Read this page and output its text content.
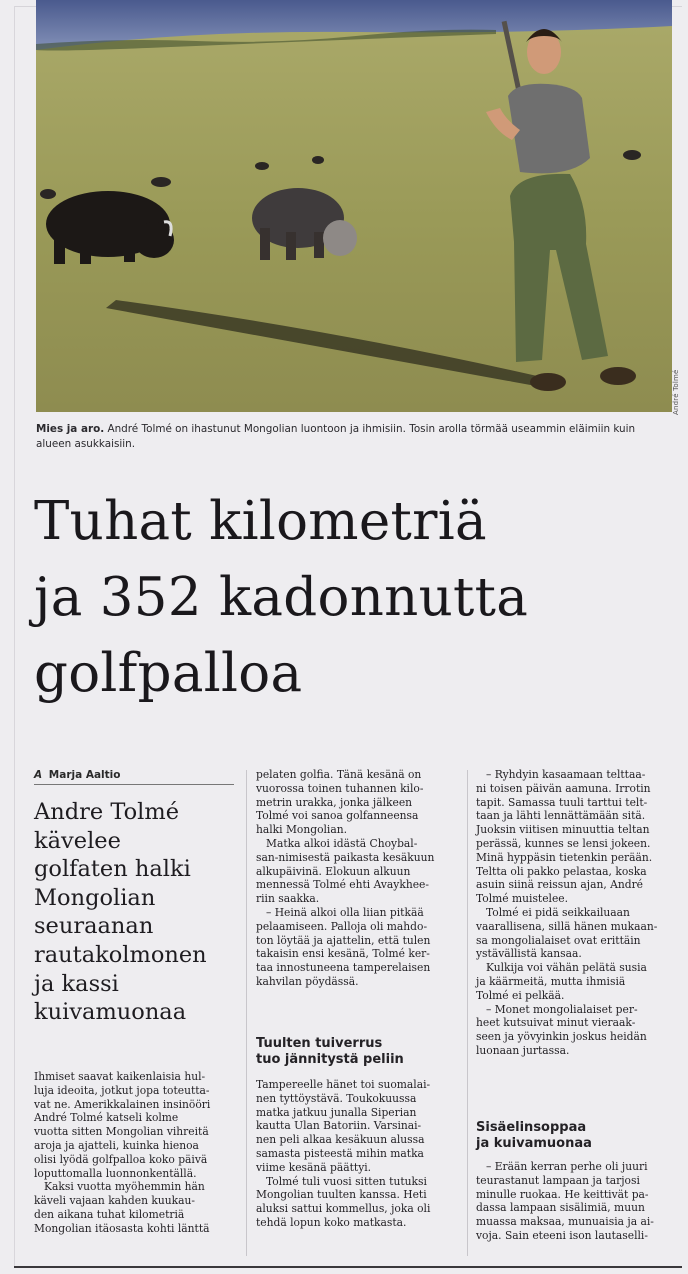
André Tolmé
Mies ja aro. André Tolmé on ihastunut Mongolian luontoon ja ihmisiin. Tosin arolla törmää useammin eläimiin kuin alueen asukkaisiin.
Tuhat kilometriä
ja 352 kadonnutta
golfpalloa
A Marja Aaltio
Andre Tolmé
kävelee
golfaten halki
Mongolian
seuraanan
rautakolmonen
ja kassi
kuivamuonaa
Ihmiset saavat kaikenlaisia hul-
luja ideoita, jotkut jopa toteutta-
vat ne. Amerikkalainen insinööri
André Tolmé katseli kolme
vuotta sitten Mongolian vihreitä
aroja ja ajatteli, kuinka hienoa
olisi lyödä golfpalloa koko päivä
loputtomalla luonnonkentällä.
Kaksi vuotta myöhemmin hän
käveli vajaan kahden kuukau-
den aikana tuhat kilometriä
Mongolian itäosasta kohti länttä
pelaten golfia. Tänä kesänä on
vuorossa toinen tuhannen kilo-
metrin urakka, jonka jälkeen
Tolmé voi sanoa golfanneensa
halki Mongolian.
Matka alkoi idästä Choybal-
san-nimisestä paikasta kesäkuun
alkupäivinä. Elokuun alkuun
mennessä Tolmé ehti Avaykhee-
riin saakka.
– Heinä alkoi olla liian pitkää
pelaamiseen. Palloja oli mahdo-
ton löytää ja ajattelin, että tulen
takaisin ensi kesänä, Tolmé ker-
taa innostuneena tamperelaisen
kahvilan pöydässä.
Tuulten tuiverrus
tuo jännitystä peliin
Tampereelle hänet toi suomalai-
nen tyttöystävä. Toukokuussa
matka jatkuu junalla Siperian
kautta Ulan Batoriin. Varsinai-
nen peli alkaa kesäkuun alussa
samasta pisteestä mihin matka
viime kesänä päättyi.
Tolmé tuli vuosi sitten tutuksi
Mongolian tuulten kanssa. Heti
aluksi sattui kommellus, joka oli
tehdä lopun koko matkasta.
– Ryhdyin kasaamaan telttaa-
ni toisen päivän aamuna. Irrotin
tapit. Samassa tuuli tarttui telt-
taan ja lähti lennättämään sitä.
Juoksin viitisen minuuttia teltan
perässä, kunnes se lensi jokeen.
Minä hyppäsin tietenkin perään.
Teltta oli pakko pelastaa, koska
asuin siinä reissun ajan, André
Tolmé muistelee.
Tolmé ei pidä seikkailuaan
vaarallisena, sillä hänen mukaan-
sa mongolialaiset ovat erittäin
ystävällistä kansaa.
Kulkija voi vähän pelätä susia
ja käärmeitä, mutta ihmisiä
Tolmé ei pelkää.
– Monet mongolialaiset per-
heet kutsuivat minut vieraak-
seen ja yövyinkin joskus heidän
luonaan jurtassa.
Sisäelinsoppaa
ja kuivamuonaa
– Erään kerran perhe oli juuri
teurastanut lampaan ja tarjosi
minulle ruokaa. He keittivät pa-
dassa lampaan sisälimiä, muun
muassa maksaa, munuaisia ja ai-
voja. Sain eteeni ison lautaselli-
